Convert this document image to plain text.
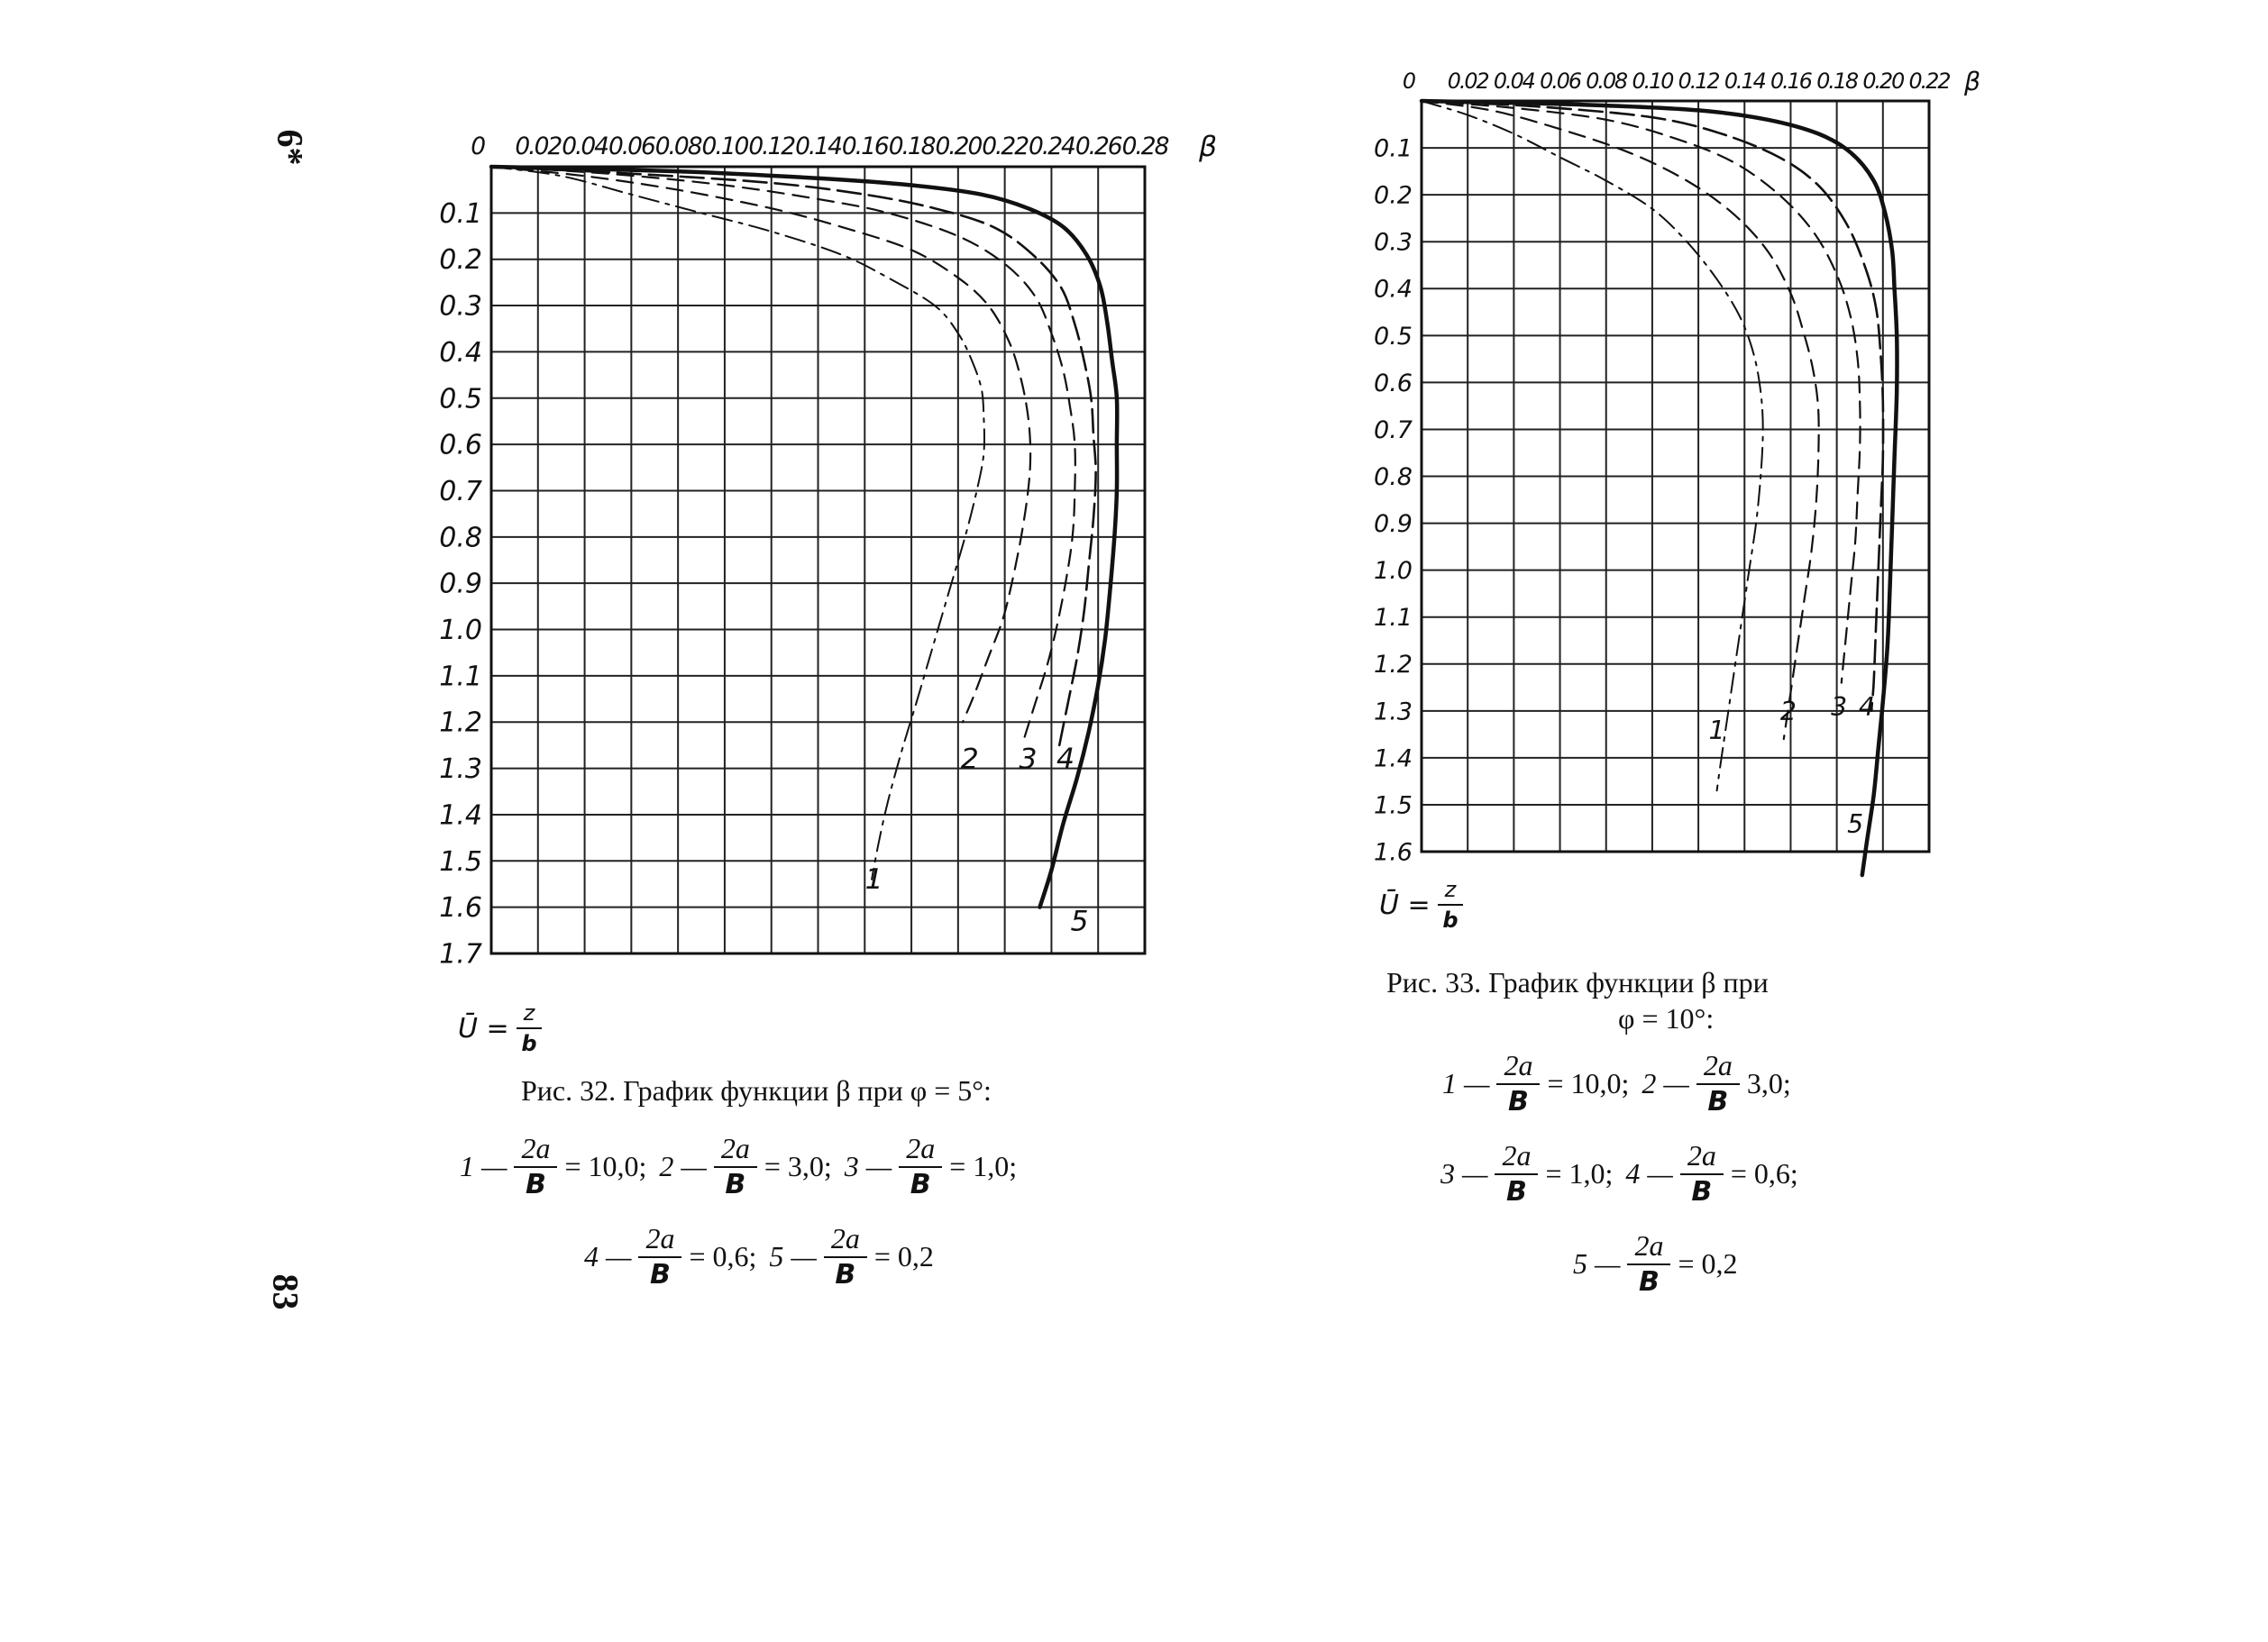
0 0.02 0.04 0.06 0.08 0.10 0.12 0.14 0.16 0.18 0.20 0.22 0.24 0.26 0.28 β
0.1
0.2
0.3
0.4
0.5
0.6
0.7
0.8
0.9
1.0
1.1
1.2
1.3
1.4
1.5
1.6
1.7
1
2 3 4
5
0 0.02 0.04 0.06 0.08 0.10 0.12 0.14 0.16 0.18 0.20 0.22 β
0.1
0.2
0.3
0.4
0.5
0.6
0.7
0.8
0.9
1.0
1.1
1.2
1.3
1.4
1.5
1.6
1
2 3 4
5
6*
83
Ū = $\frac{z}{b}$
Ū = $\frac{z}{b}$
Рис. 32. График функции β при φ = 5°:
1 — $\frac{2a}{B} = 10,0$; 2 — $\frac{2a}{B} = 3,0$; 3 — $\frac{2a}{B} = 1,0$;
4 — $\frac{2a}{B} = 0,6$; 5 — $\frac{2a}{B} = 0,2$
Рис. 33. График функции β при
φ = 10°:
1 — $\frac{2a}{B} = 10,0$; 2 — $\frac{2a}{B} 3,0$;
3 — $\frac{2a}{B} = 1,0$; 4 — $\frac{2a}{B} = 0,6$;
5 — $\frac{2a}{B} = 0,2$
